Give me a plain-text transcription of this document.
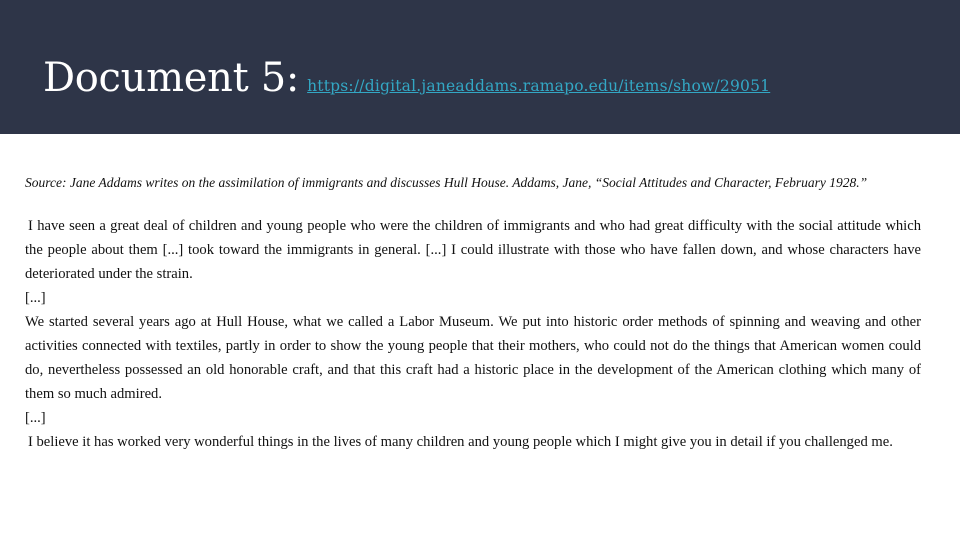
Document 5: https://digital.janeaddams.ramapo.edu/items/show/29051

Source: Jane Addams writes on the assimilation of immigrants and discusses Hull House. Addams, Jane, “Social Attitudes and Character, February 1928.”

I have seen a great deal of children and young people who were the children of immigrants and who had great difficulty with the social attitude which the people about them [...] took toward the immigrants in general. [...] I could illustrate with those who have fallen down, and whose characters have deteriorated under the strain.

[...]

We started several years ago at Hull House, what we called a Labor Museum. We put into historic order methods of spinning and weaving and other activities connected with textiles, partly in order to show the young people that their mothers, who could not do the things that American women could do, nevertheless possessed an old honorable craft, and that this craft had a historic place in the development of the American clothing which many of them so much admired.

[...]

I believe it has worked very wonderful things in the lives of many children and young people which I might give you in detail if you challenged me.
